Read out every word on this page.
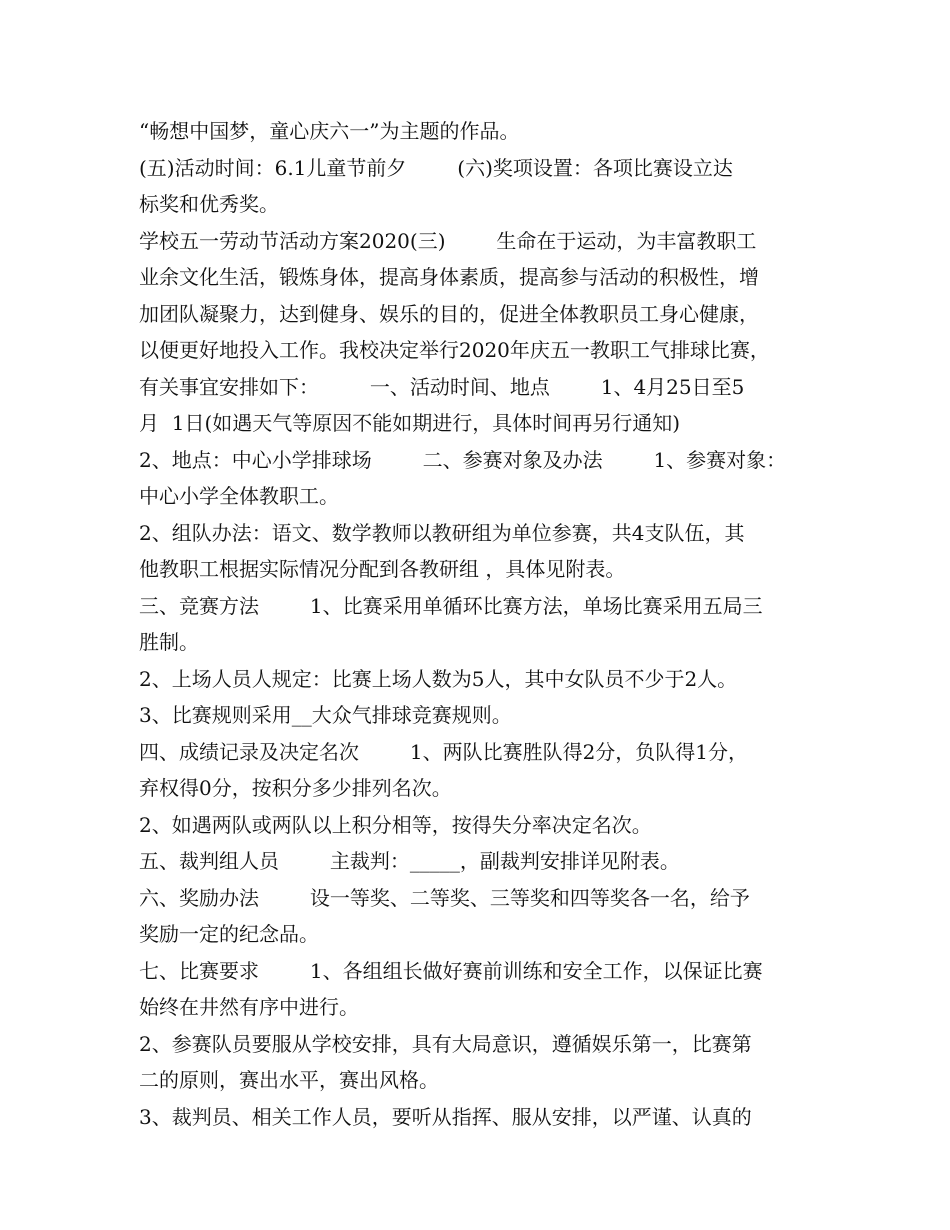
“畅想中国梦，童心庆六一”为主题的作品。
(五)活动时间：6.1儿童节前夕        (六)奖项设置：各项比赛设立达
标奖和优秀奖。
学校五一劳动节活动方案2020(三)        生命在于运动，为丰富教职工
业余文化生活，锻炼身体，提高身体素质，提高参与活动的积极性，增
加团队凝聚力，达到健身、娱乐的目的，促进全体教职员工身心健康，
以便更好地投入工作。我校决定举行2020年庆五一教职工气排球比赛，
有关事宜安排如下：        一、活动时间、地点        1、4月25日至5
月  1日(如遇天气等原因不能如期进行，具体时间再另行通知)
2、地点：中心小学排球场        二、参赛对象及办法        1、参赛对象：
中心小学全体教职工。
2、组队办法：语文、数学教师以教研组为单位参赛，共4支队伍，其
他教职工根据实际情况分配到各教研组 ，具体见附表。
三、竞赛方法        1、比赛采用单循环比赛方法，单场比赛采用五局三
胜制。
2、上场人员人规定：比赛上场人数为5人，其中女队员不少于2人。
3、比赛规则采用__大众气排球竞赛规则。
四、成绩记录及决定名次        1、两队比赛胜队得2分，负队得1分，
弃权得0分，按积分多少排列名次。
2、如遇两队或两队以上积分相等，按得失分率决定名次。
五、裁判组人员        主裁判：_____，副裁判安排详见附表。
六、奖励办法        设一等奖、二等奖、三等奖和四等奖各一名，给予
奖励一定的纪念品。
七、比赛要求        1、各组组长做好赛前训练和安全工作，以保证比赛
始终在井然有序中进行。
2、参赛队员要服从学校安排，具有大局意识，遵循娱乐第一，比赛第
二的原则，赛出水平，赛出风格。
3、裁判员、相关工作人员，要听从指挥、服从安排，以严谨、认真的
